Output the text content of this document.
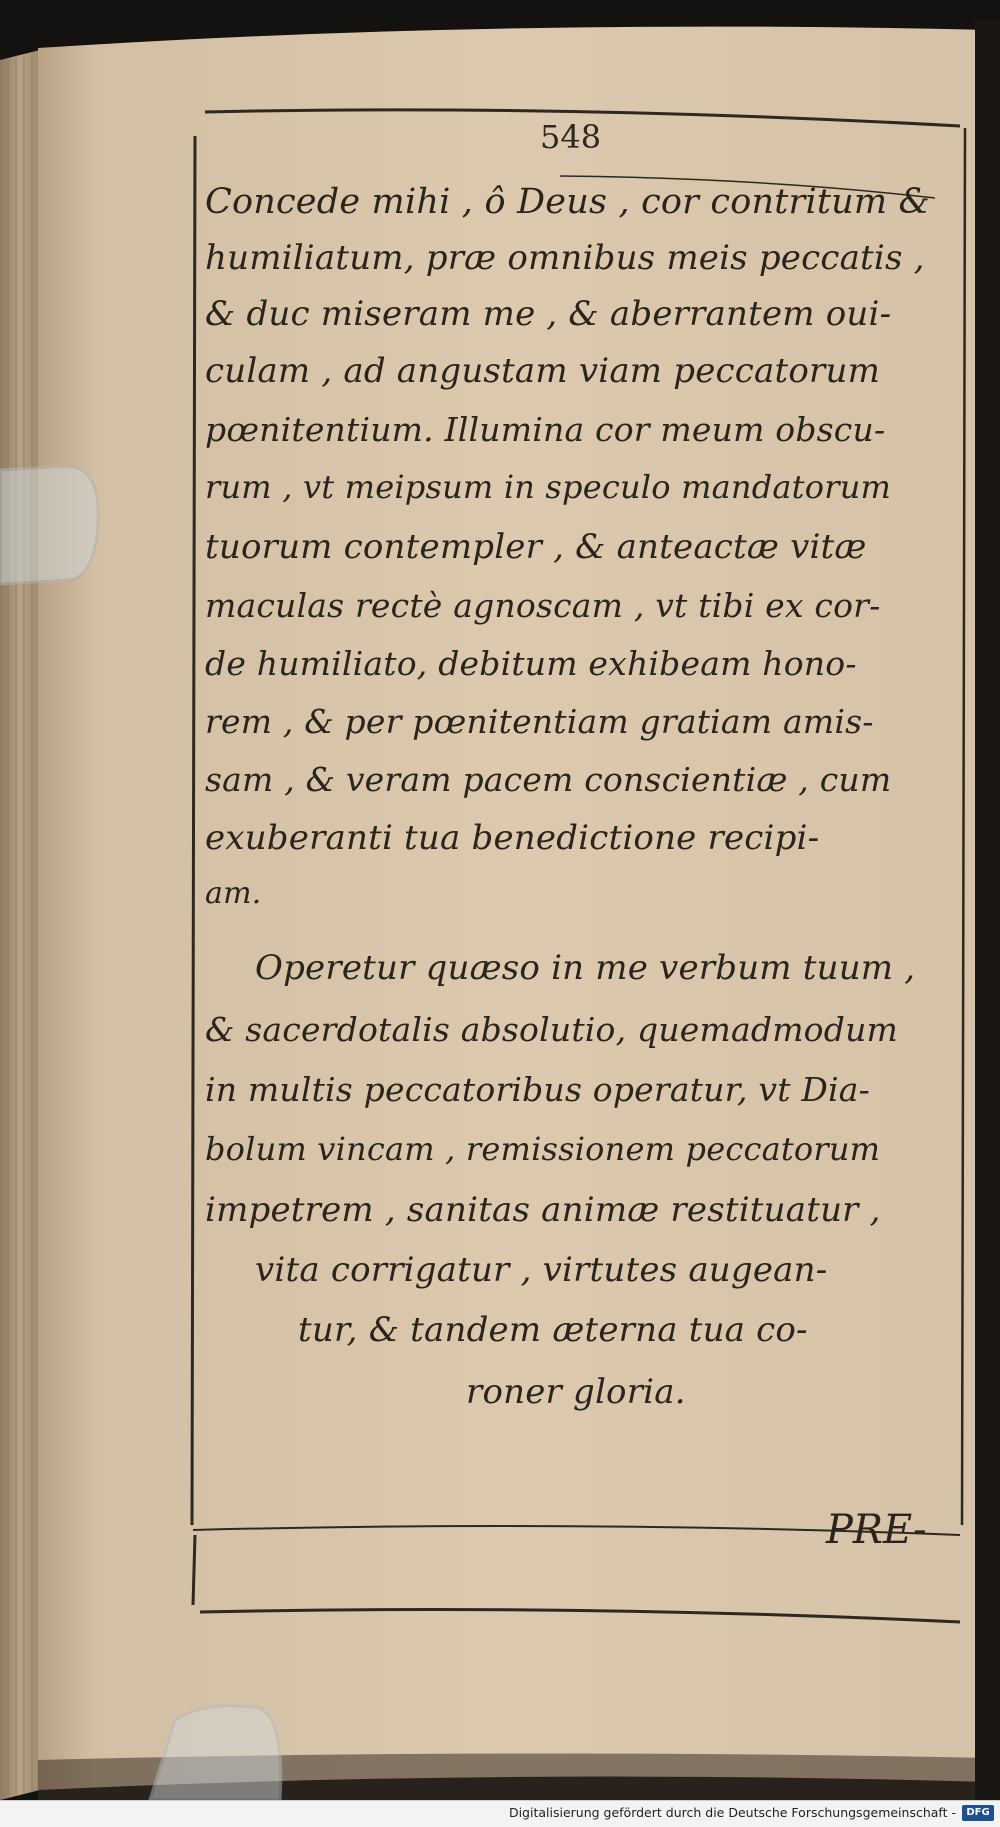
548
Concede mihi , ô Deus , cor contritum &
humiliatum, præ omnibus meis peccatis ,
& duc miseram me , & aberrantem oui-
culam , ad angustam viam peccatorum
pœnitentium. Illumina cor meum obscu-
rum , vt meipsum in speculo mandatorum
tuorum contempler , & anteactæ vitæ
maculas rectè agnoscam , vt tibi ex cor-
de humiliato, debitum exhibeam hono-
rem , & per pœnitentiam gratiam amis-
sam , & veram pacem conscientiæ , cum
exuberanti tua benedictione recipi-
am.
Operetur quæso in me verbum tuum ,
& sacerdotalis absolutio, quemadmodum
in multis peccatoribus operatur, vt Dia-
bolum vincam , remissionem peccatorum
impetrem , sanitas animæ restituatur ,
vita corrigatur , virtutes augean-
tur, & tandem æterna tua co-
roner gloria.
PRE-
Digitalisierung gefördert durch die Deutsche Forschungsgemeinschaft -	DFG
